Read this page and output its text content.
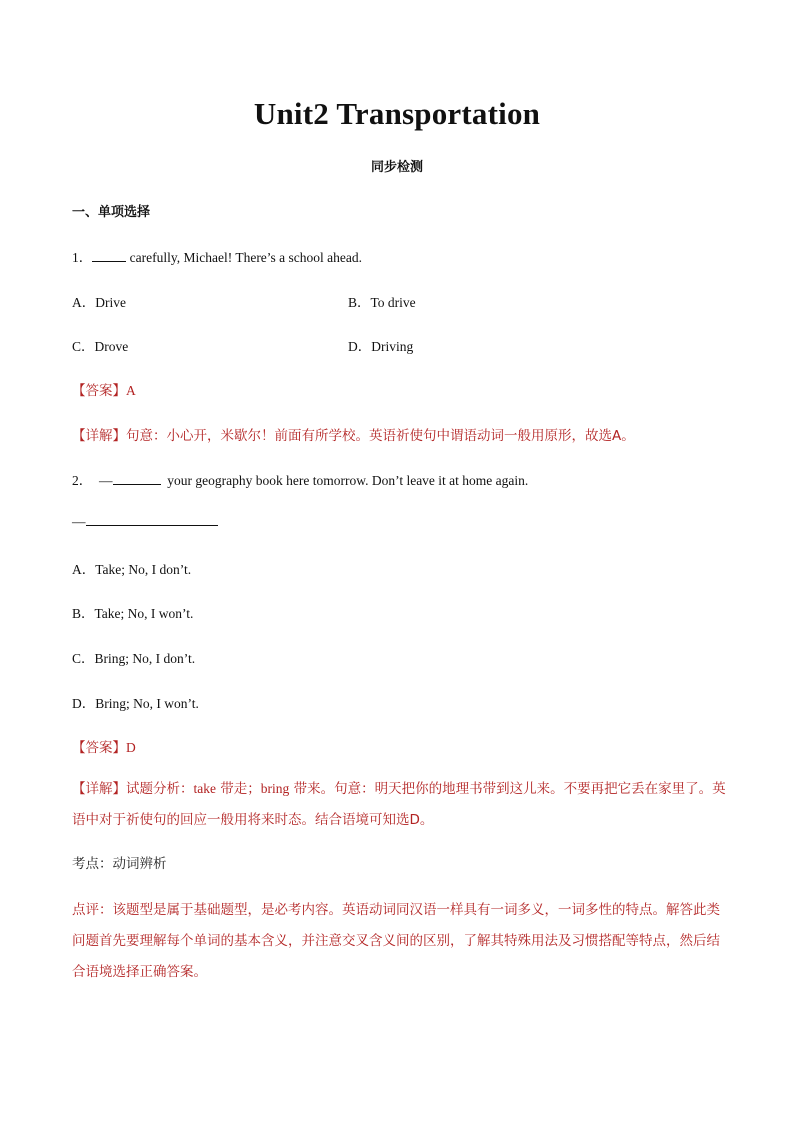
Unit2 Transportation
同步检测
一、单项选择
1．	carefully, Michael! There’s a school ahead.
A．Drive	B．To drive
C．Drove	D．Driving
【答案】A
【详解】句意：小心开，米歇尔！前面有所学校。英语祈使句中谓语动词一般用原形，故选A。
2． —	your geography book here tomorrow. Don’t leave it at home again.
—
A．Take; No, I don’t.
B．Take; No, I won’t.
C．Bring; No, I don’t.
D．Bring; No, I won’t.
【答案】D
【详解】试题分析：take 带走；bring 带来。句意：明天把你的地理书带到这儿来。不要再把它丢在家里了。英语中对于祈使句的回应一般用将来时态。结合语境可知选D。
考点：动词辨析
点评：该题型是属于基础题型，是必考内容。英语动词同汉语一样具有一词多义，一词多性的特点。解答此类问题首先要理解每个单词的基本含义，并注意交叉含义间的区别，了解其特殊用法及习惯搭配等特点，然后结合语境选择正确答案。
